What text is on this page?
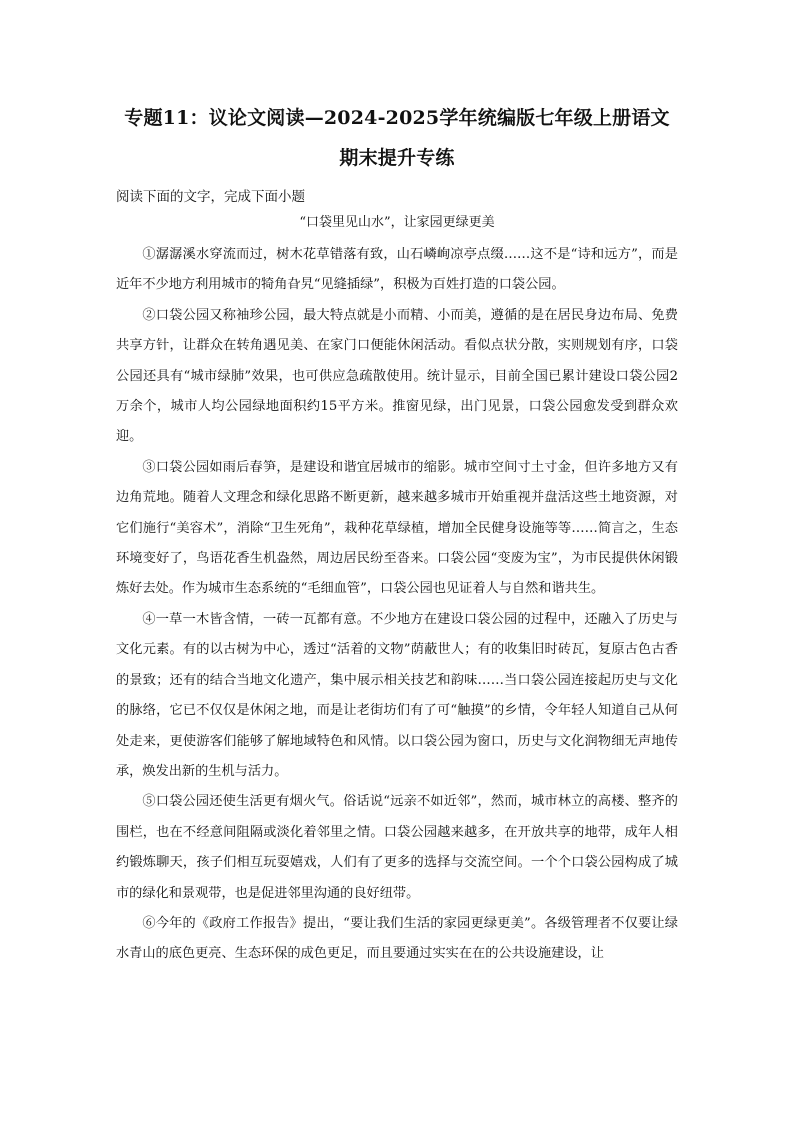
专题11：议论文阅读—2024-2025学年统编版七年级上册语文
期末提升专练

阅读下面的文字，完成下面小题

“口袋里见山水”，让家园更绿更美

①潺潺溪水穿流而过，树木花草错落有致，山石嶙峋凉亭点缀……这不是“诗和远方”，而是近年不少地方利用城市的犄角旮旯“见缝插绿”，积极为百姓打造的口袋公园。

②口袋公园又称袖珍公园，最大特点就是小而精、小而美，遵循的是在居民身边布局、免费共享方针，让群众在转角遇见美、在家门口便能休闲活动。看似点状分散，实则规划有序，口袋公园还具有“城市绿肺”效果，也可供应急疏散使用。统计显示，目前全国已累计建设口袋公园2万余个，城市人均公园绿地面积约15平方米。推窗见绿，出门见景，口袋公园愈发受到群众欢迎。

③口袋公园如雨后春笋，是建设和谐宜居城市的缩影。城市空间寸土寸金，但许多地方又有边角荒地。随着人文理念和绿化思路不断更新，越来越多城市开始重视并盘活这些土地资源，对它们施行“美容术”，消除“卫生死角”，栽种花草绿植，增加全民健身设施等等……简言之，生态环境变好了，鸟语花香生机盎然，周边居民纷至沓来。口袋公园“变废为宝”，为市民提供休闲锻炼好去处。作为城市生态系统的“毛细血管”，口袋公园也见证着人与自然和谐共生。

④一草一木皆含情，一砖一瓦都有意。不少地方在建设口袋公园的过程中，还融入了历史与文化元素。有的以古树为中心，透过“活着的文物”荫蔽世人；有的收集旧时砖瓦，复原古色古香的景致；还有的结合当地文化遗产，集中展示相关技艺和韵味……当口袋公园连接起历史与文化的脉络，它已不仅仅是休闲之地，而是让老街坊们有了可“触摸”的乡情，令年轻人知道自己从何处走来，更使游客们能够了解地域特色和风情。以口袋公园为窗口，历史与文化润物细无声地传承，焕发出新的生机与活力。

⑤口袋公园还使生活更有烟火气。俗话说“远亲不如近邻”，然而，城市林立的高楼、整齐的围栏，也在不经意间阻隔或淡化着邻里之情。口袋公园越来越多，在开放共享的地带，成年人相约锻炼聊天，孩子们相互玩耍嬉戏，人们有了更多的选择与交流空间。一个个口袋公园构成了城市的绿化和景观带，也是促进邻里沟通的良好纽带。

⑥今年的《政府工作报告》提出，“要让我们生活的家园更绿更美”。各级管理者不仅要让绿水青山的底色更亮、生态环保的成色更足，而且要通过实实在在的公共设施建设，让
